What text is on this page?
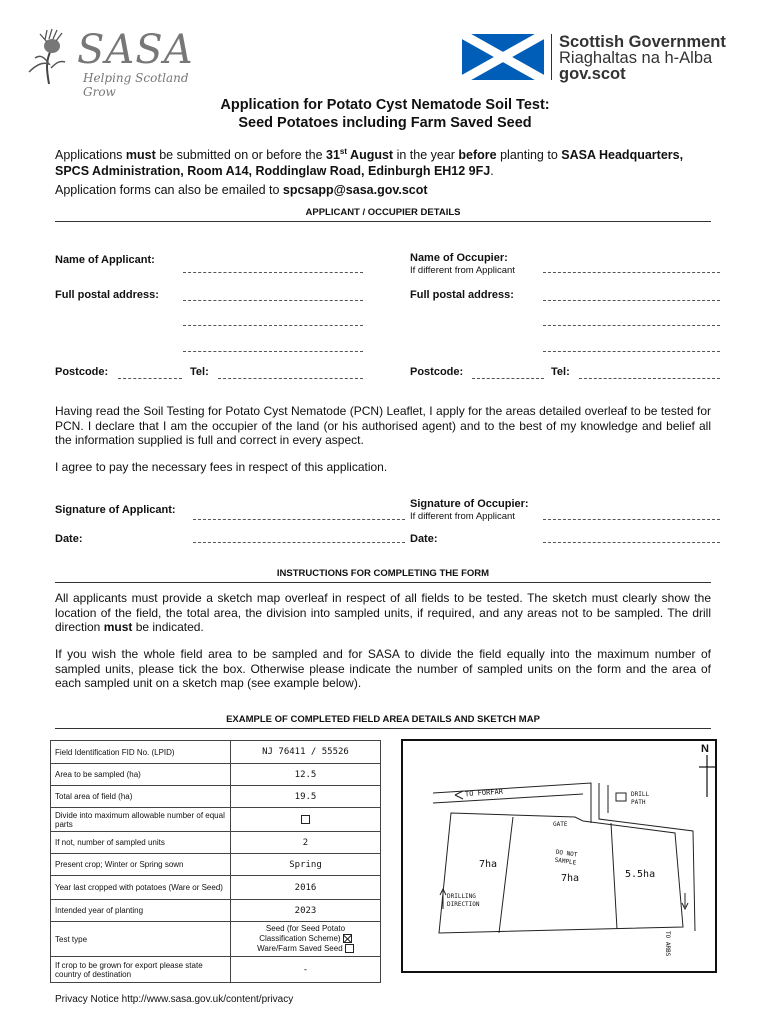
SASA
Helping Scotland Grow
Scottish Government
Riaghaltas na h-Alba
gov.scot
Application for Potato Cyst Nematode Soil Test:
Seed Potatoes including Farm Saved Seed
Applications must be submitted on or before the 31st August in the year before planting to SASA Headquarters,
SPCS Administration, Room A14, Roddinglaw Road, Edinburgh EH12 9FJ.
Application forms can also be emailed to spcsapp@sasa.gov.scot
APPLICANT / OCCUPIER DETAILS
Name of Applicant:	Name of Occupier:
If different from Applicant
Full postal address:	Full postal address:
Postcode:	Tel:	Postcode:	Tel:
Having read the Soil Testing for Potato Cyst Nematode (PCN) Leaflet, I apply for the areas detailed overleaf to be tested for PCN. I declare that I am the occupier of the land (or his authorised agent) and to the best of my knowledge and belief all the information supplied is full and correct in every aspect.
I agree to pay the necessary fees in respect of this application.
Signature of Applicant:	Signature of Occupier:
If different from Applicant
Date:	Date:
INSTRUCTIONS FOR COMPLETING THE FORM
All applicants must provide a sketch map overleaf in respect of all fields to be tested. The sketch must clearly show the location of the field, the total area, the division into sampled units, if required, and any areas not to be sampled. The drill direction must be indicated.
If you wish the whole field area to be sampled and for SASA to divide the field equally into the maximum number of sampled units, please tick the box. Otherwise please indicate the number of sampled units on the form and the area of each sampled unit on a sketch map (see example below).
EXAMPLE OF COMPLETED FIELD AREA DETAILS AND SKETCH MAP
Field Identification FID No. (LPID)	NJ 76411 / 55526
Area to be sampled (ha)	12.5
Total area of field (ha)	19.5
Divide into maximum allowable number of equal parts	
If not, number of sampled units	2
Present crop; Winter or Spring sown	Spring
Year last cropped with potatoes (Ware or Seed)	2016
Intended year of planting	2023
Test type	Seed (for Seed Potato
Classification Scheme)
Ware/Farm Saved Seed

If crop to be grown for export please state country of destination	-
N
TO FORFAR	DRILL PATH
GATE
7ha
DO NOT SAMPLE
7ha	5.5ha
DRILLING DIRECTION
TO ARBS
Privacy Notice http://www.sasa.gov.uk/content/privacy
